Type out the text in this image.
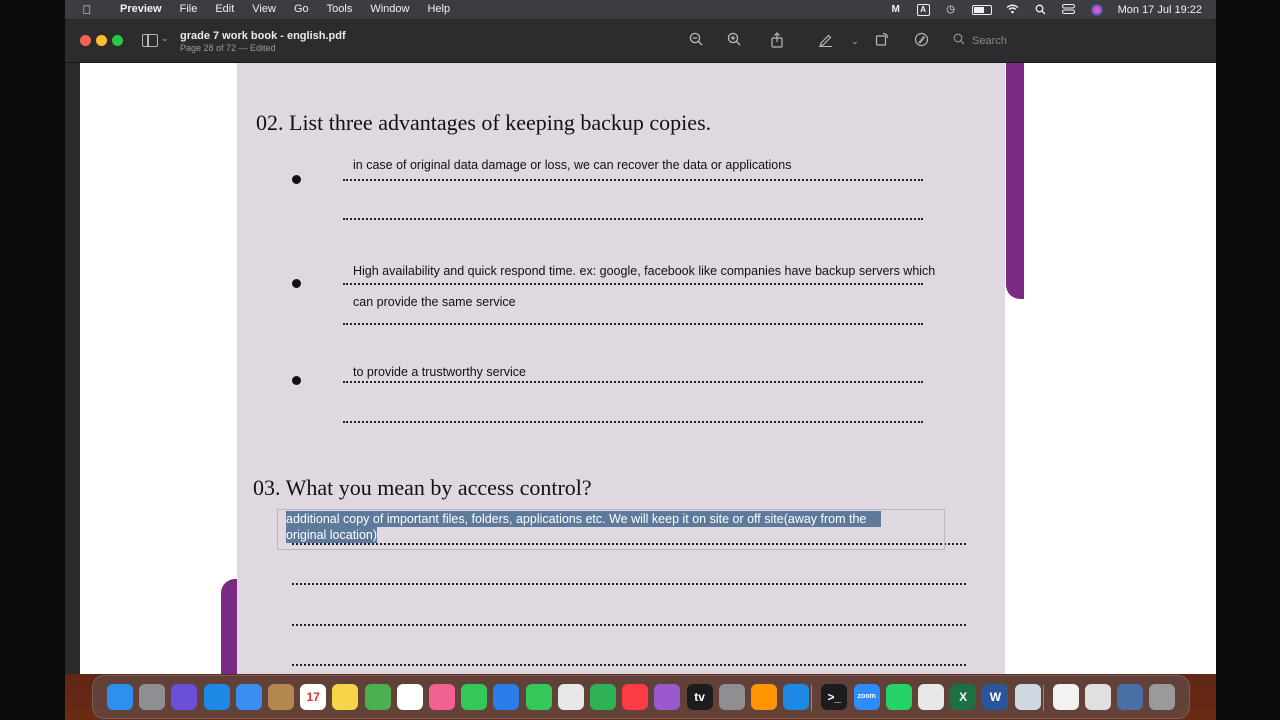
Preview	File	Edit	View	Go	Tools	Window	Help	M	A	◷	Mon 17 Jul 19:22
⌄ grade 7 work book - english.pdf
Page 28 of 72 — Edited
⌄	Search
02. List three advantages of keeping backup copies.
in case of original data damage or loss, we can recover the data or applications
High availability and quick respond time. ex: google, facebook like companies have backup servers which
can provide the same service
to provide a trustworthy service
03. What you mean by access control?
additional copy of important files, folders, applications etc. We will keep it on site or off site(away from the
original location)
17	tv	>_	zoom	X	W
